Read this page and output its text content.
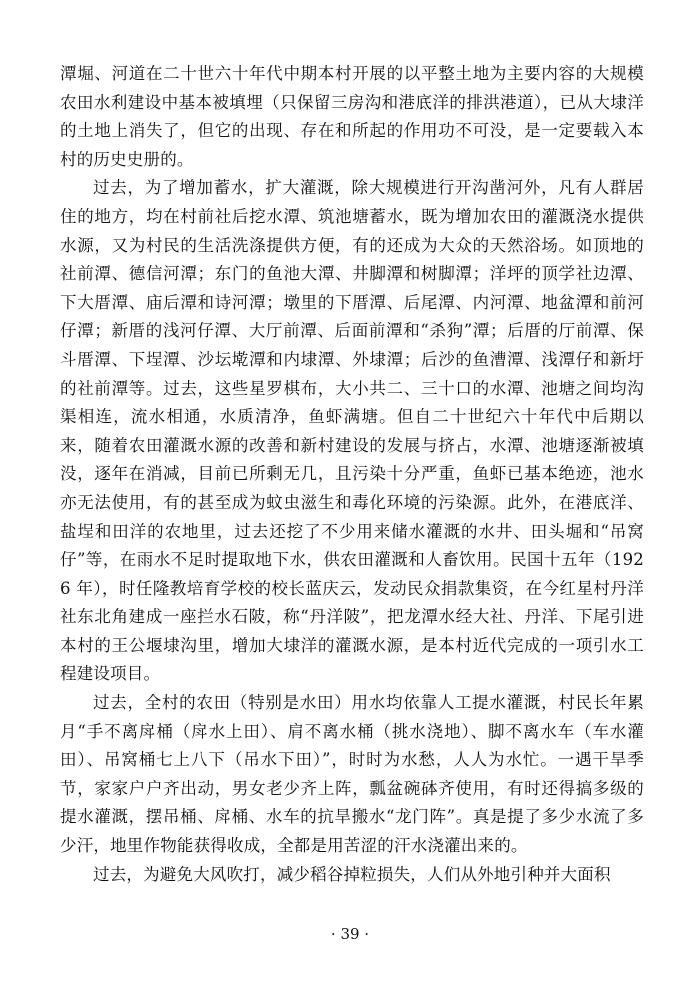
潭堀、河道在二十世六十年代中期本村开展的以平整土地为主要内容的大规模农田水利建设中基本被填埋（只保留三房沟和港底洋的排洪港道），已从大埭洋的土地上消失了，但它的出现、存在和所起的作用功不可没，是一定要载入本村的历史史册的。

过去，为了增加蓄水，扩大灌溉，除大规模进行开沟凿河外，凡有人群居住的地方，均在村前社后挖水潭、筑池塘蓄水，既为增加农田的灌溉浇水提供水源，又为村民的生活洗涤提供方便，有的还成为大众的天然浴场。如顶地的社前潭、德信河潭；东门的鱼池大潭、井脚潭和树脚潭；洋坪的顶学社边潭、下大厝潭、庙后潭和诗河潭；墩里的下厝潭、后尾潭、内河潭、地盆潭和前河仔潭；新厝的浅河仔潭、大厅前潭、后面前潭和“杀狗”潭；后厝的厅前潭、保斗厝潭、下埕潭、沙坛墘潭和内埭潭、外埭潭；后沙的鱼漕潭、浅潭仔和新圩的社前潭等。过去，这些星罗棋布，大小共二、三十口的水潭、池塘之间均沟渠相连，流水相通，水质清净，鱼虾满塘。但自二十世纪六十年代中后期以来，随着农田灌溉水源的改善和新村建设的发展与挤占，水潭、池塘逐渐被填没，逐年在消减，目前已所剩无几，且污染十分严重，鱼虾已基本绝迹，池水亦无法使用，有的甚至成为蚊虫滋生和毒化环境的污染源。此外，在港底洋、盐埕和田洋的农地里，过去还挖了不少用来储水灌溉的水井、田头堀和“吊窝仔”等，在雨水不足时提取地下水，供农田灌溉和人畜饮用。民国十五年（1926 年），时任隆教培育学校的校长蓝庆云，发动民众捐款集资，在今红星村丹洋社东北角建成一座拦水石陂，称“丹洋陂”，把龙潭水经大社、丹洋、下尾引进本村的王公堰埭沟里，增加大埭洋的灌溉水源，是本村近代完成的一项引水工程建设项目。

过去，全村的农田（特别是水田）用水均依靠人工提水灌溉，村民长年累月“手不离戽桶（戽水上田）、肩不离水桶（挑水浇地）、脚不离水车（车水灌田）、吊窝桶七上八下（吊水下田）”，时时为水愁，人人为水忙。一遇干旱季节，家家户户齐出动，男女老少齐上阵，瓢盆碗砵齐使用，有时还得搞多级的提水灌溉，摆吊桶、戽桶、水车的抗旱搬水“龙门阵”。真是提了多少水流了多少汗，地里作物能获得收成，全都是用苦涩的汗水浇灌出来的。

过去，为避免大风吹打，减少稻谷掉粒损失，人们从外地引种并大面积

· 39 ·
